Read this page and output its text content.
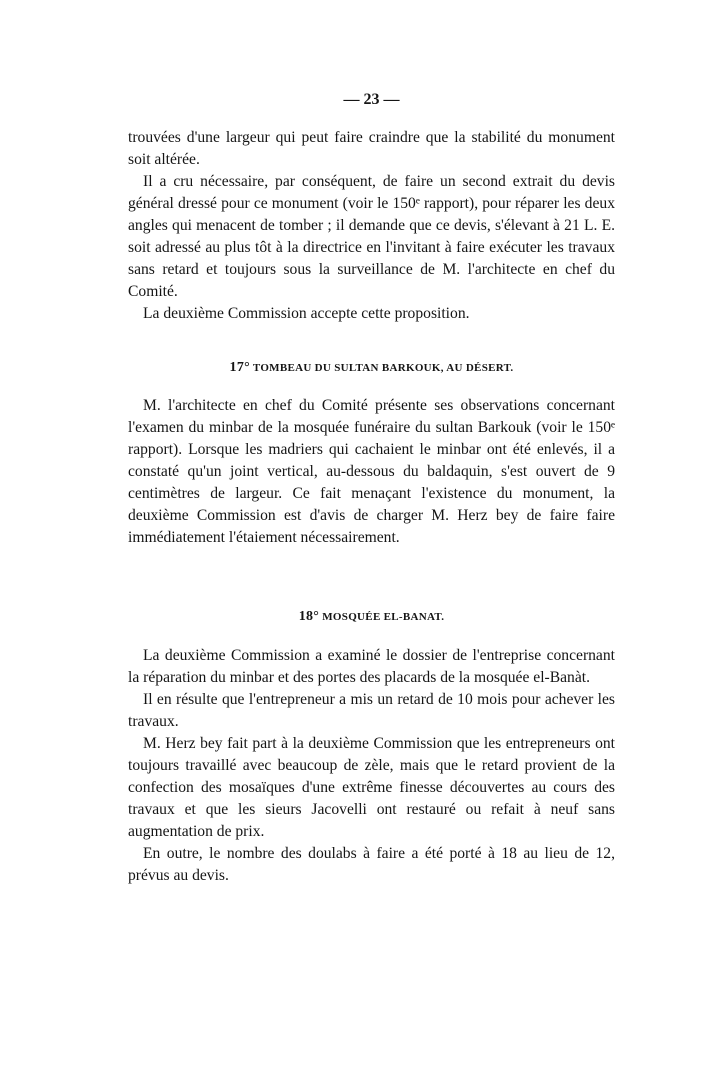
— 23 —

trouvées d'une largeur qui peut faire craindre que la stabilité du monument soit altérée.

Il a cru nécessaire, par conséquent, de faire un second extrait du devis général dressé pour ce monument (voir le 150ᵉ rapport), pour réparer les deux angles qui menacent de tomber ; il demande que ce devis, s'élevant à 21 L. E. soit adressé au plus tôt à la directrice en l'invitant à faire exécuter les travaux sans retard et toujours sous la surveillance de M. l'architecte en chef du Comité.

La deuxième Commission accepte cette proposition.

17° TOMBEAU DU SULTAN BARKOUK, AU DÉSERT.

M. l'architecte en chef du Comité présente ses observations concernant l'examen du minbar de la mosquée funéraire du sultan Barkouk (voir le 150ᵉ rapport). Lorsque les madriers qui cachaient le minbar ont été enlevés, il a constaté qu'un joint vertical, au-dessous du baldaquin, s'est ouvert de 9 centimètres de largeur. Ce fait menaçant l'existence du monument, la deuxième Commission est d'avis de charger M. Herz bey de faire faire immédiatement l'étaiement nécessairement.

18° MOSQUÉE EL-BANAT.

La deuxième Commission a examiné le dossier de l'entreprise concernant la réparation du minbar et des portes des placards de la mosquée el-Banàt.

Il en résulte que l'entrepreneur a mis un retard de 10 mois pour achever les travaux.

M. Herz bey fait part à la deuxième Commission que les entrepreneurs ont toujours travaillé avec beaucoup de zèle, mais que le retard provient de la confection des mosaïques d'une extrême finesse découvertes au cours des travaux et que les sieurs Jacovelli ont restauré ou refait à neuf sans augmentation de prix.

En outre, le nombre des doulabs à faire a été porté à 18 au lieu de 12, prévus au devis.
